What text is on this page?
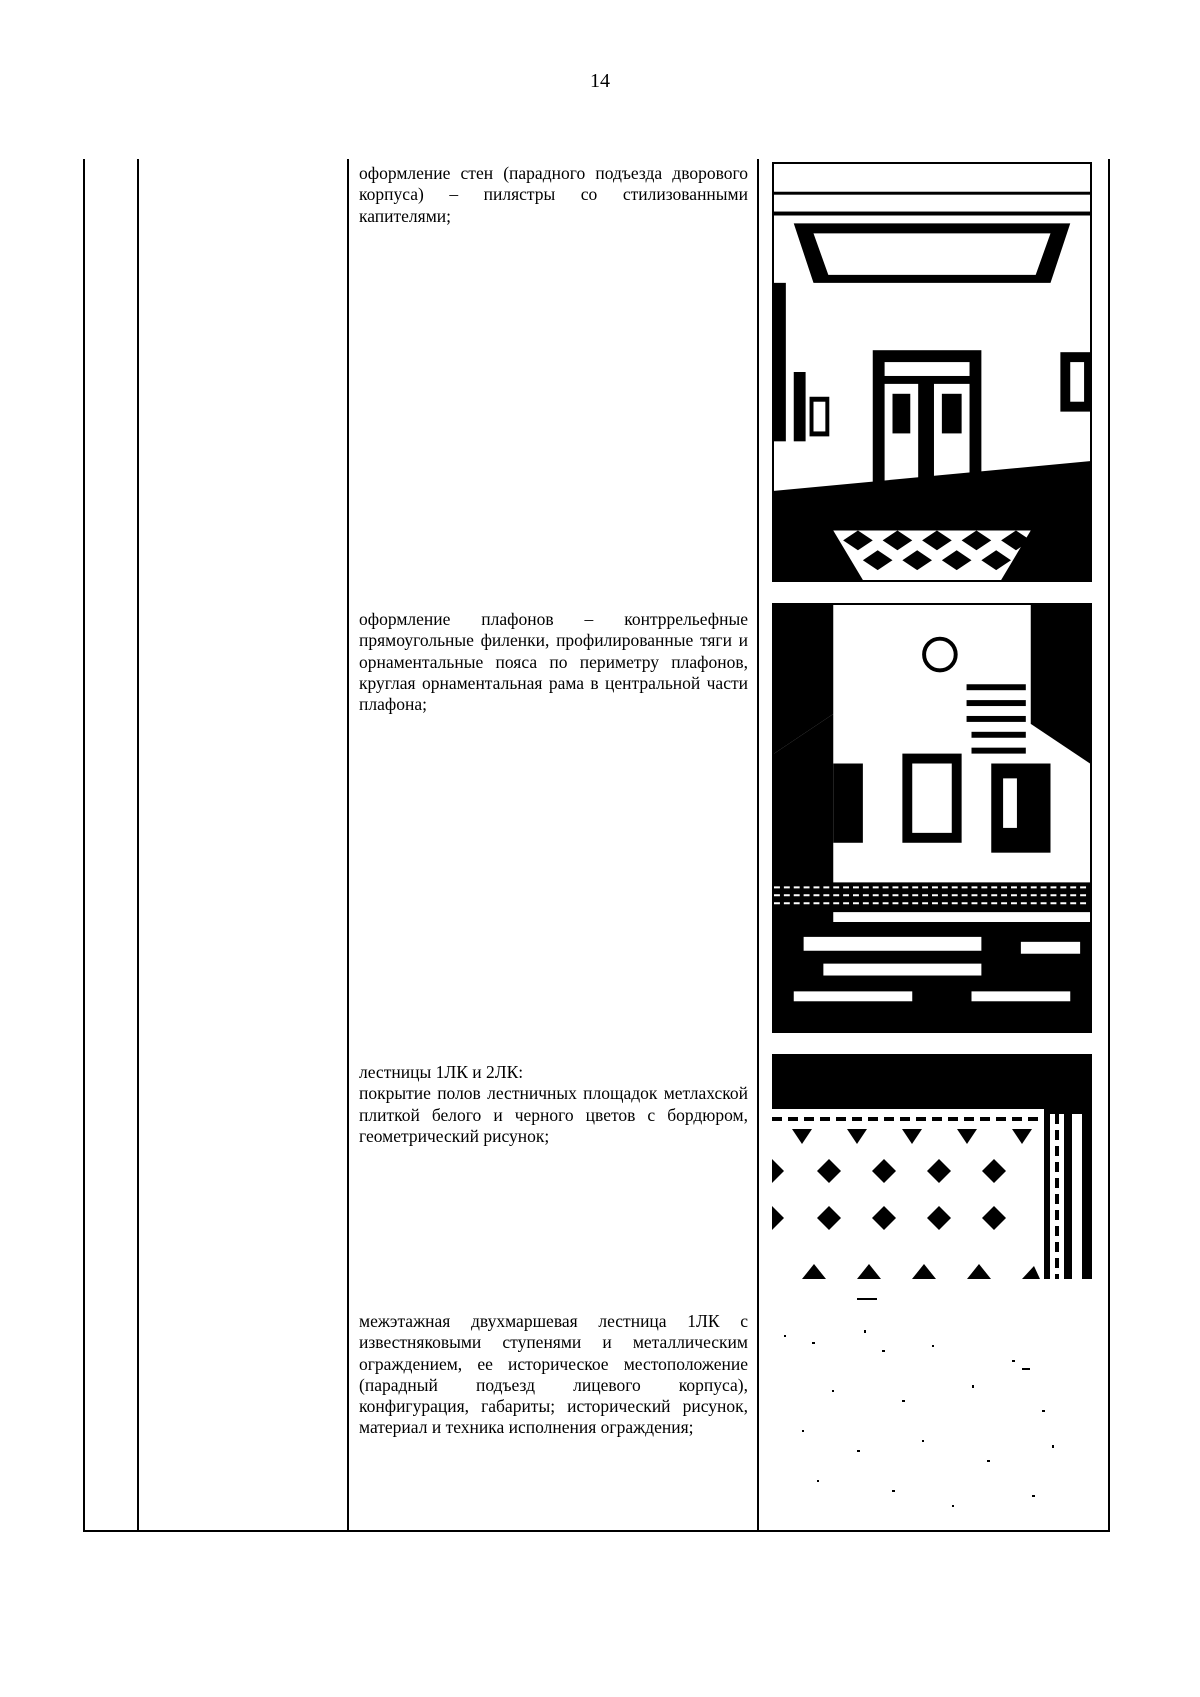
14
оформление стен (парадного подъезда дворового корпуса) – пилястры со стилизованными капителями;
оформление плафонов – контррельефные прямоугольные филенки, профилированные тяги и орнаментальные пояса по периметру плафонов, круглая орнаментальная рама в центральной части плафона;
лестницы 1ЛК и 2ЛК:
покрытие полов лестничных площадок метлахской плиткой белого и черного цветов с бордюром, геометрический рисунок;
межэтажная двухмаршевая лестница 1ЛК с известняковыми ступенями и металлическим ограждением, ее историческое местоположение (парадный подъезд лицевого корпуса), конфигурация, габариты; исторический рисунок, материал и техника исполнения ограждения;
